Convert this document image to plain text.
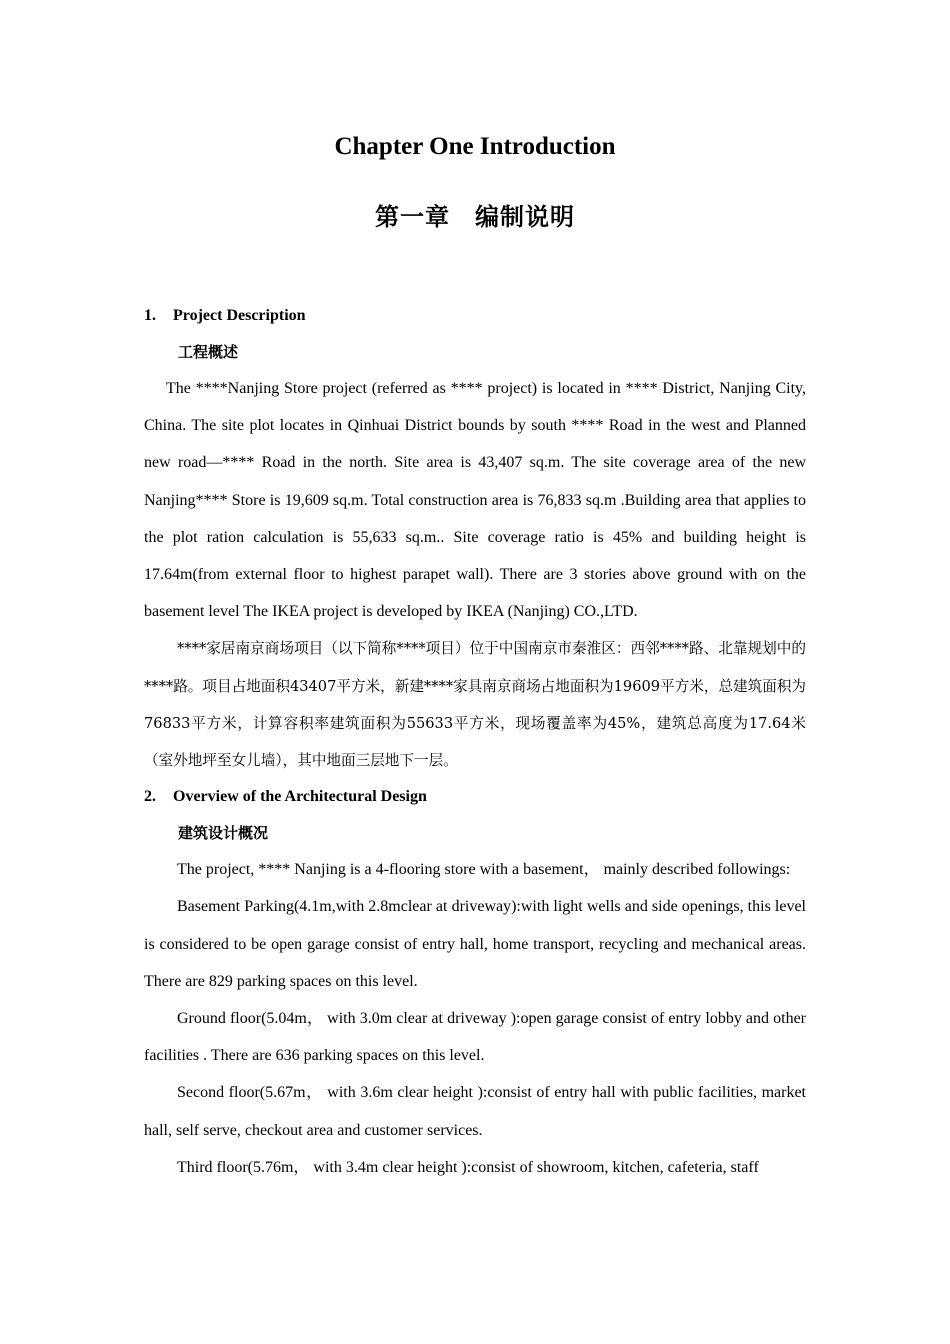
Chapter One Introduction
第一章　编制说明

1. Project Description

工程概述

The ****Nanjing Store project (referred as **** project) is located in **** District, Nanjing City, China. The site plot locates in Qinhuai District bounds by south **** Road in the west and Planned new road—**** Road in the north. Site area is 43,407 sq.m. The site coverage area of the new Nanjing**** Store is 19,609 sq.m. Total construction area is 76,833 sq.m .Building area that applies to the plot ration calculation is 55,633 sq.m.. Site coverage ratio is 45% and building height is 17.64m(from external floor to highest parapet wall). There are 3 stories above ground with on the basement level The IKEA project is developed by IKEA (Nanjing) CO.,LTD.

****家居南京商场项目（以下简称****项目）位于中国南京市秦淮区：西邻****路、北靠规划中的****路。项目占地面积43407平方米，新建****家具南京商场占地面积为19609平方米，总建筑面积为76833平方米，计算容积率建筑面积为55633平方米，现场覆盖率为45%，建筑总高度为17.64米（室外地坪至女儿墙），其中地面三层地下一层。

2. Overview of the Architectural Design

建筑设计概况

The project, **** Nanjing is a 4-flooring store with a basement， mainly described followings:

Basement Parking(4.1m,with 2.8mclear at driveway):with light wells and side openings, this level is considered to be open garage consist of entry hall, home transport, recycling and mechanical areas. There are 829 parking spaces on this level.

Ground floor(5.04m， with 3.0m clear at driveway ):open garage consist of entry lobby and other facilities . There are 636 parking spaces on this level.

Second floor(5.67m， with 3.6m clear height ):consist of entry hall with public facilities, market hall, self serve, checkout area and customer services.

Third floor(5.76m， with 3.4m clear height ):consist of showroom, kitchen, cafeteria, staff
